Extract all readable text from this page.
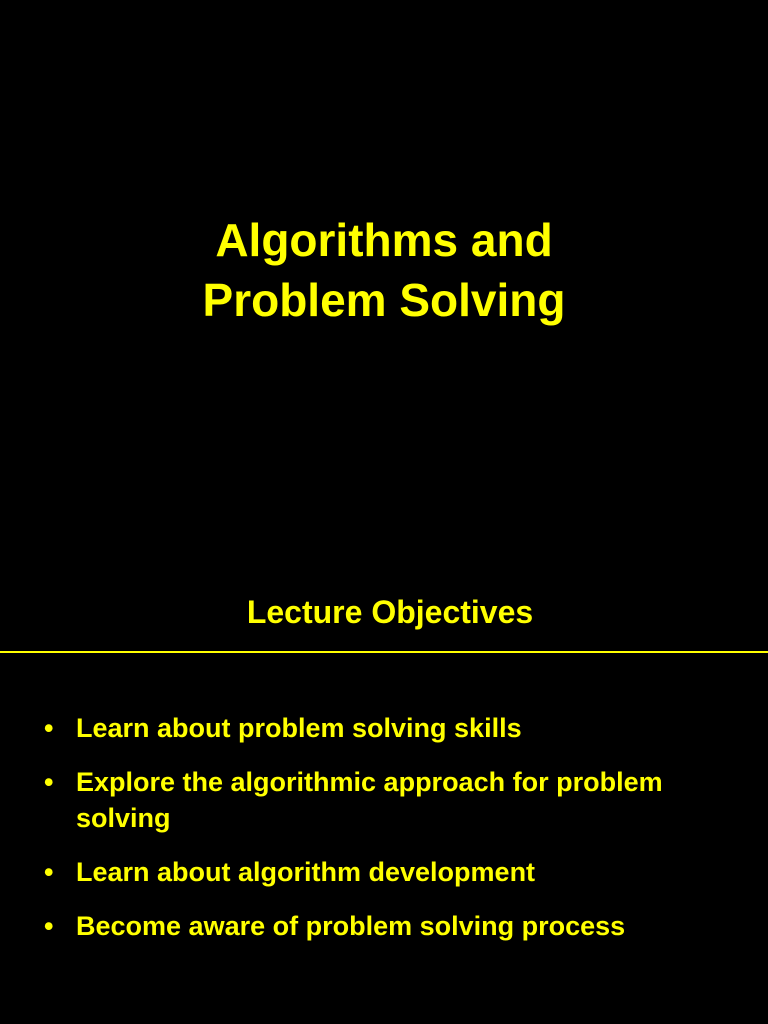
Algorithms and
Problem Solving
Lecture Objectives
• Learn about problem solving skills
• Explore the algorithmic approach for problem solving
• Learn about algorithm development
• Become aware of problem solving process
